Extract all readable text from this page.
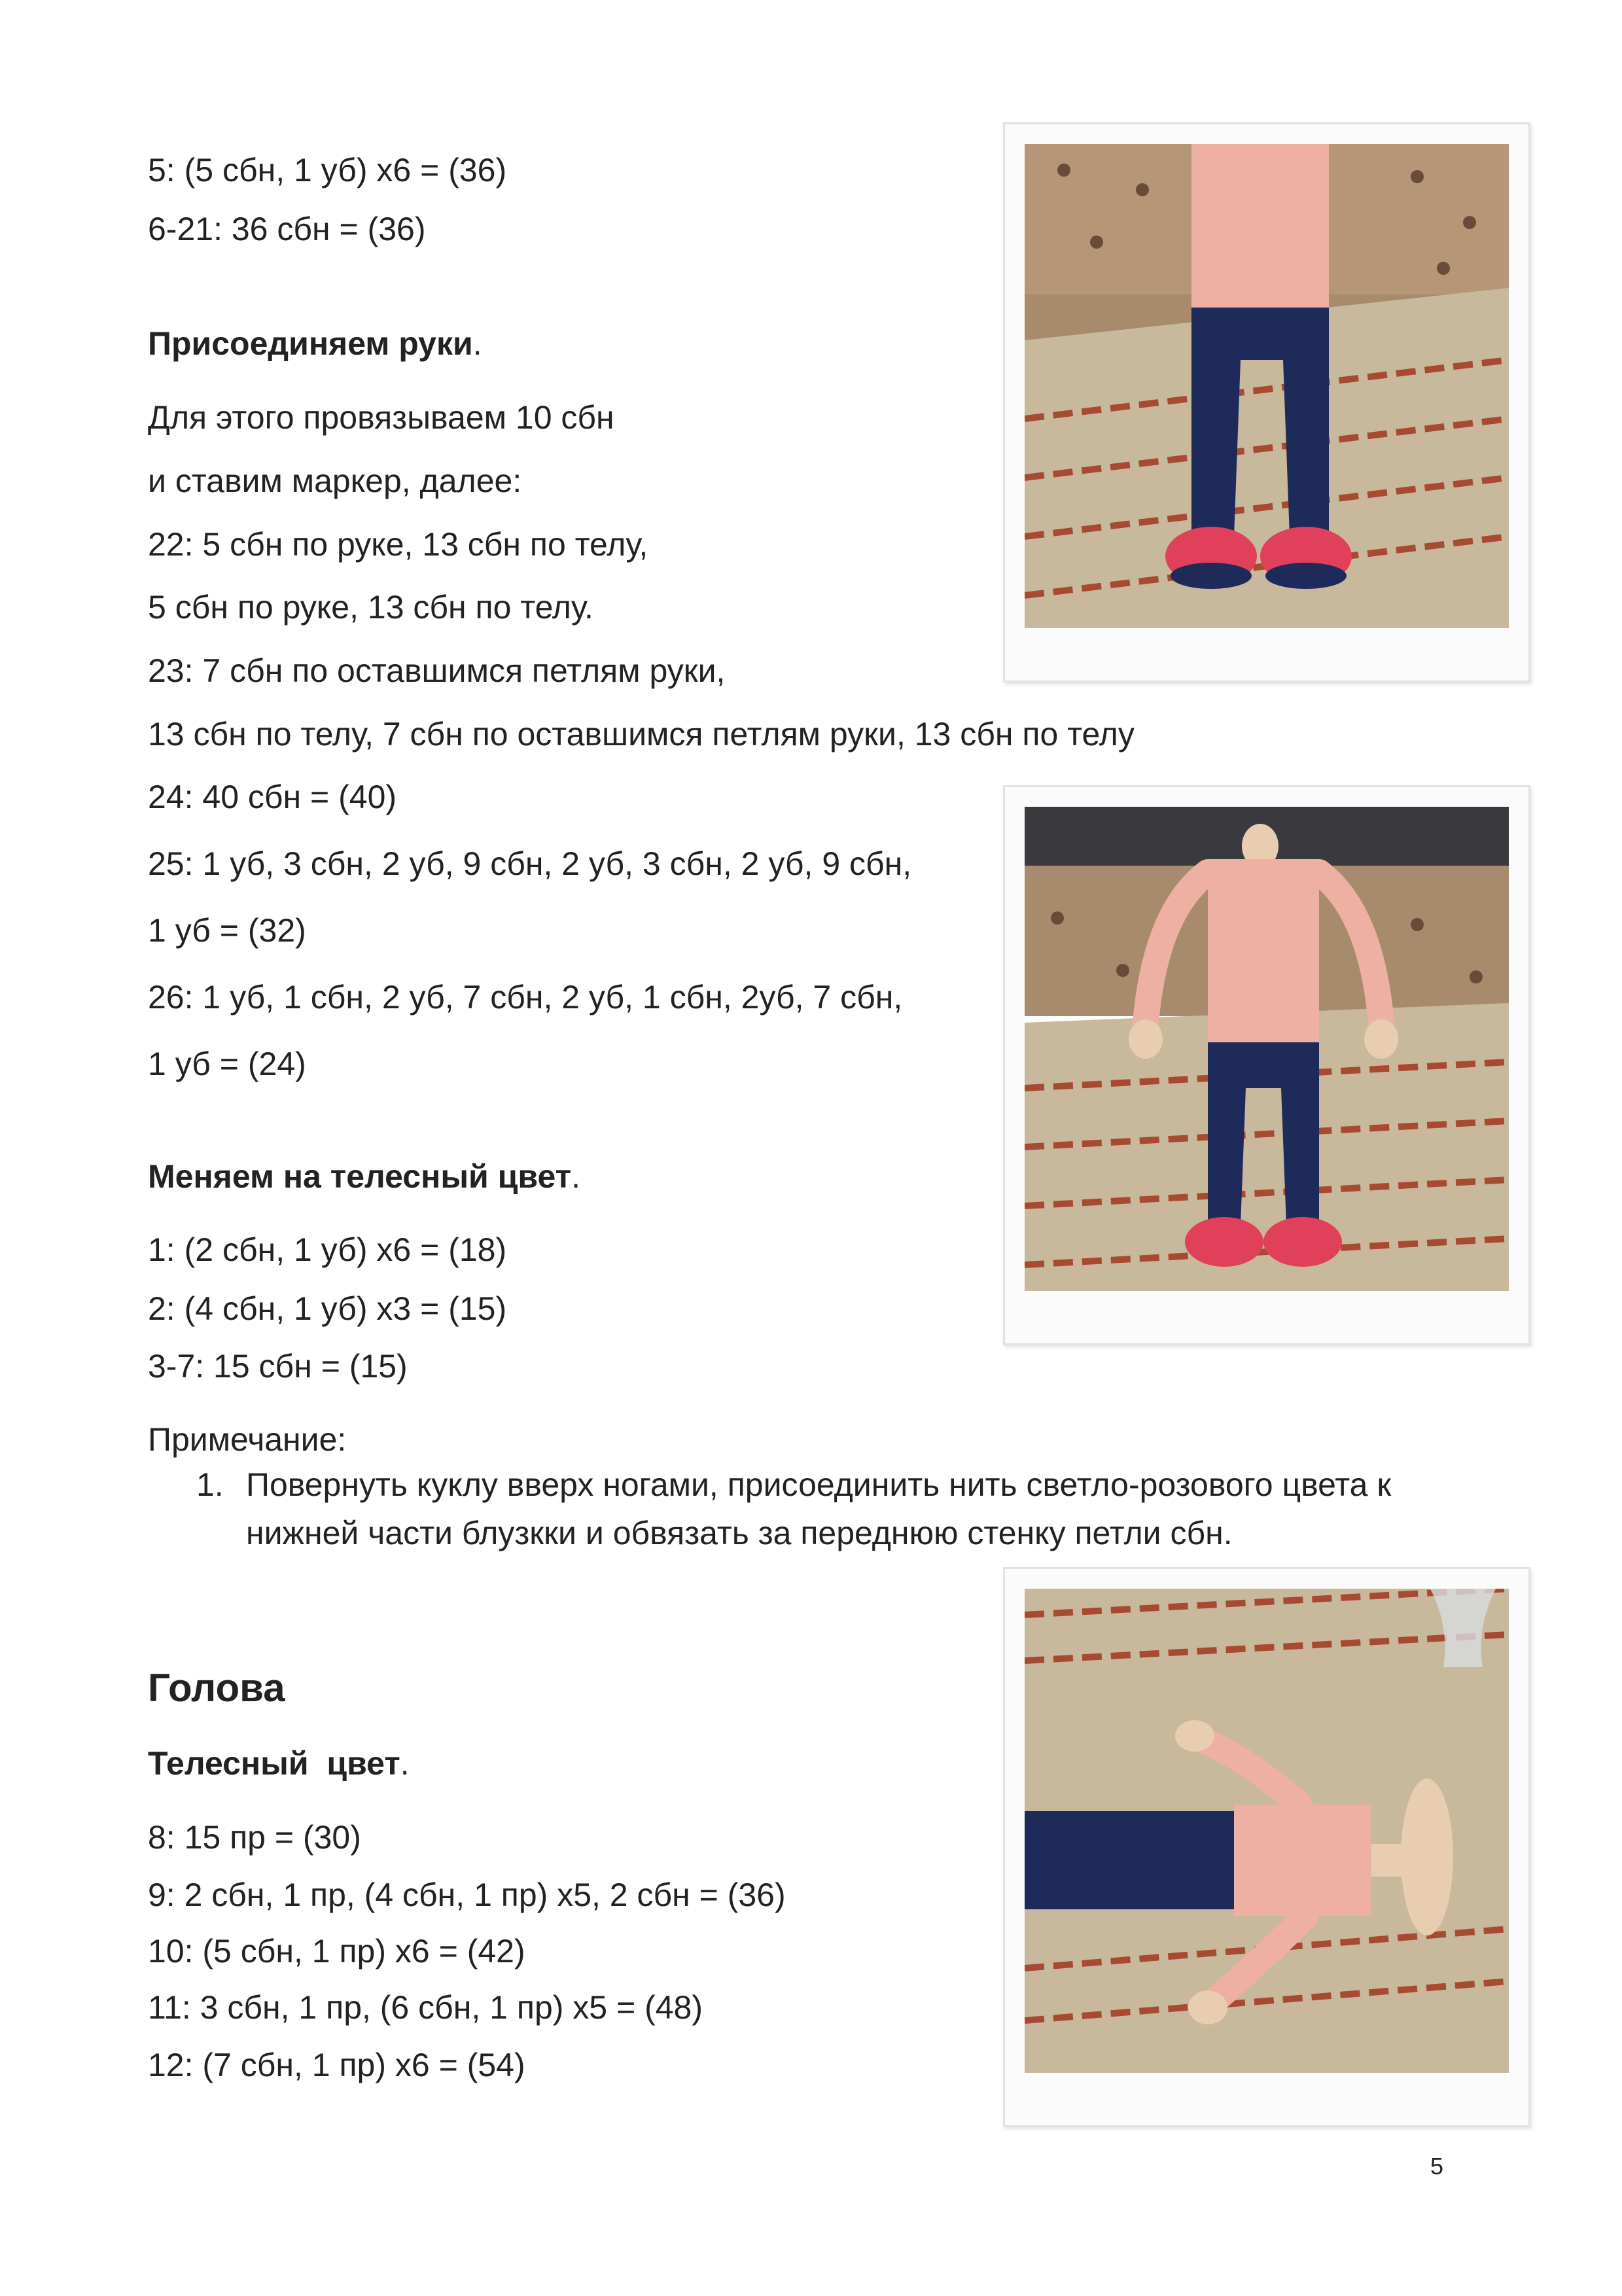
5: (5 сбн, 1 уб) х6 = (36)
6-21: 36 сбн = (36)
Присоединяем руки.
Для этого провязываем 10 сбн
и ставим маркер, далее:
22: 5 сбн по руке, 13 сбн по телу,
5 сбн по руке, 13 сбн по телу.
23: 7 сбн по оставшимся петлям руки,
13 сбн по телу, 7 сбн по оставшимся петлям руки, 13 сбн по телу
24: 40 сбн = (40)
25: 1 уб, 3 сбн, 2 уб, 9 сбн, 2 уб, 3 сбн, 2 уб, 9 сбн,
1 уб = (32)
26: 1 уб, 1 сбн, 2 уб, 7 сбн, 2 уб, 1 сбн, 2уб, 7 сбн,
1 уб = (24)
Меняем на телесный цвет.
1: (2 сбн, 1 уб) х6 = (18)
2: (4 сбн, 1 уб) х3 = (15)
3-7: 15 сбн = (15)
Примечание:
1. Повернуть куклу вверх ногами, присоединить нить светло-розового цвета к
нижней части блузкки и обвязать за переднюю стенку петли сбн.
Голова
Телесный  цвет.
8: 15 пр = (30)
9: 2 сбн, 1 пр, (4 сбн, 1 пр) х5, 2 сбн = (36)
10: (5 сбн, 1 пр) х6 = (42)
11: 3 сбн, 1 пр, (6 сбн, 1 пр) х5 = (48)
12: (7 сбн, 1 пр) х6 = (54)
5
